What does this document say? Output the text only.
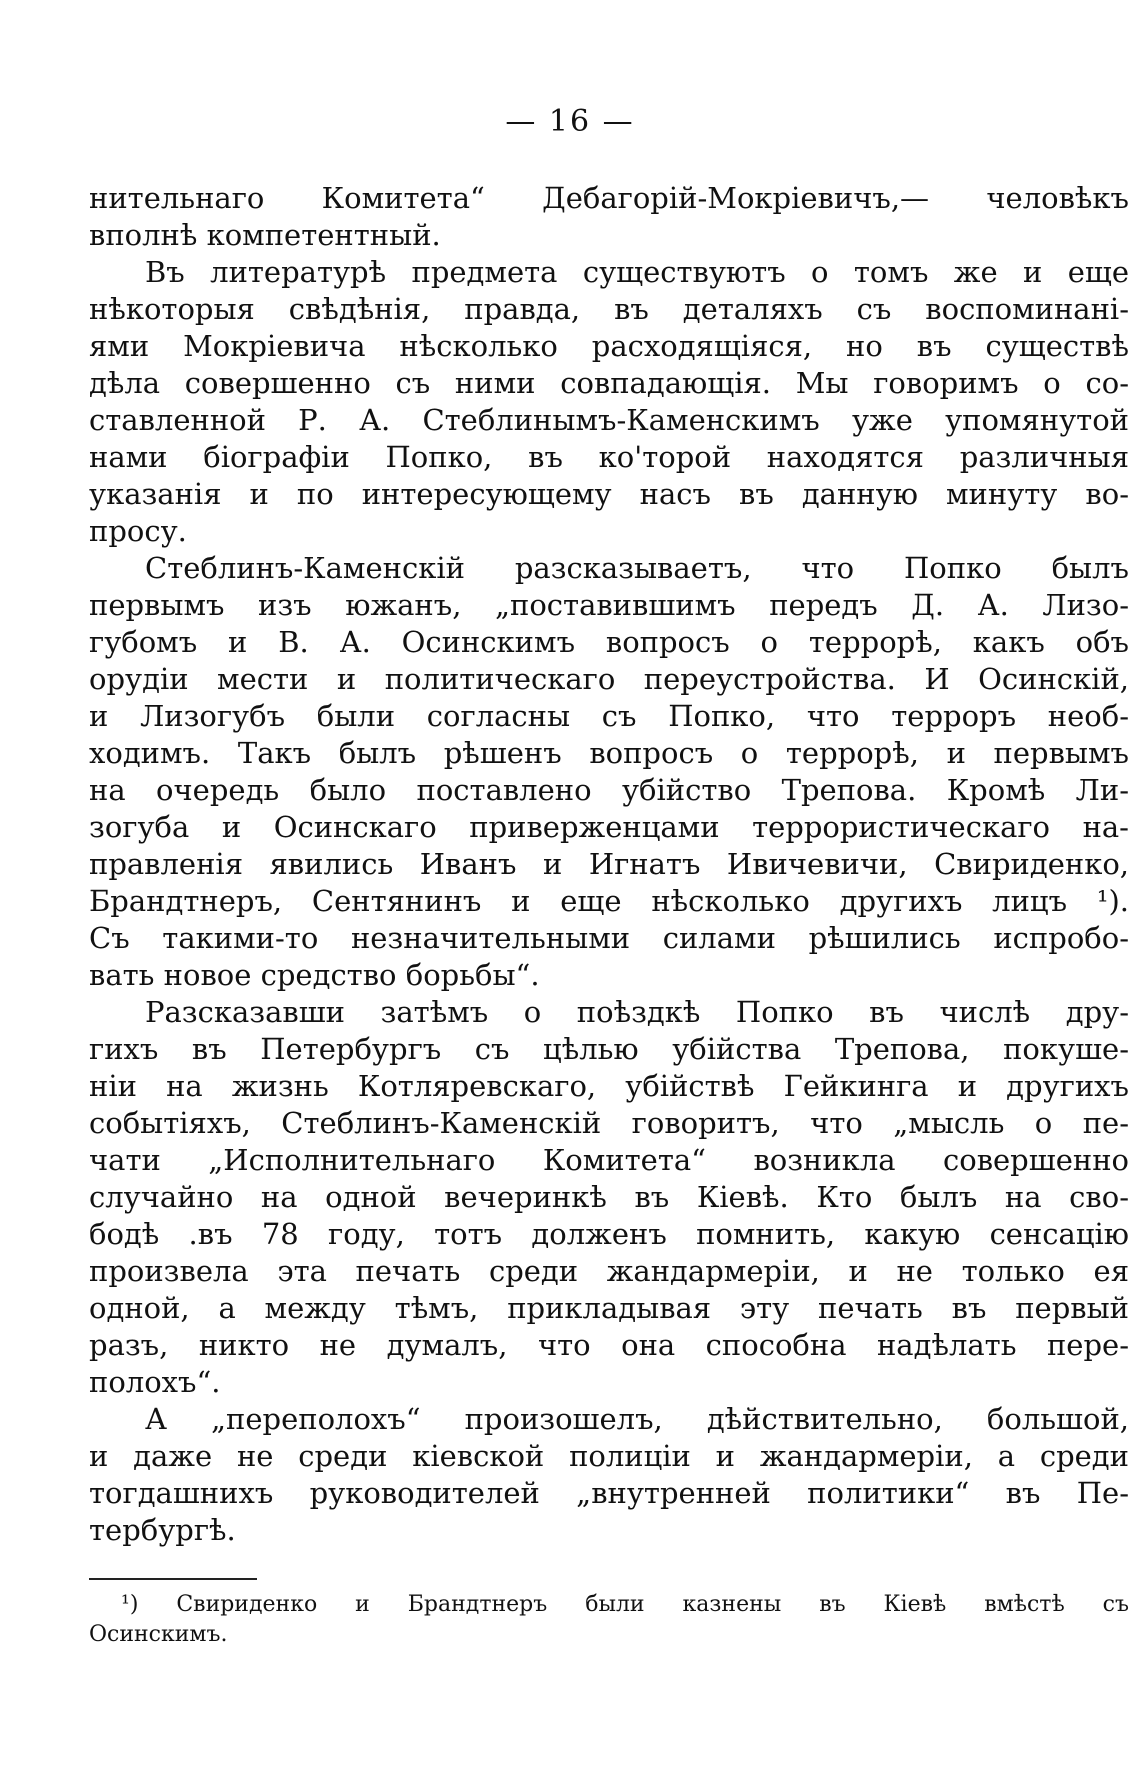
— 16 —
нительнаго Комитета“ Дебагорій-Мокріевичъ,— человѣкъ
вполнѣ компетентный.
Въ литературѣ предмета существуютъ о томъ же и еще
нѣкоторыя свѣдѣнія, правда, въ деталяхъ съ воспоминані-
ями Мокріевича нѣсколько расходящіяся, но въ существѣ
дѣла совершенно съ ними совпадающія. Мы говоримъ о со-
ставленной Р. А. Стеблинымъ-Каменскимъ уже упомянутой
нами біографіи Попко, въ ко'торой находятся различныя
указанія и по интересующему насъ въ данную минуту во-
просу.
Стеблинъ-Каменскій разсказываетъ, что Попко былъ
первымъ изъ южанъ, „поставившимъ передъ Д. А. Лизо-
губомъ и В. А. Осинскимъ вопросъ о террорѣ, какъ объ
орудіи мести и политическаго переустройства. И Осинскій,
и Лизогубъ были согласны съ Попко, что терроръ необ-
ходимъ. Такъ былъ рѣшенъ вопросъ о террорѣ, и первымъ
на очередь было поставлено убійство Трепова. Кромѣ Ли-
зогуба и Осинскаго приверженцами террористическаго на-
правленія явились Иванъ и Игнатъ Ивичевичи, Свириденко,
Брандтнеръ, Сентянинъ и еще нѣсколько другихъ лицъ ¹).
Съ такими-то незначительными силами рѣшились испробо-
вать новое средство борьбы“.
Разсказавши затѣмъ о поѣздкѣ Попко въ числѣ дру-
гихъ въ Петербургъ съ цѣлью убійства Трепова, покуше-
ніи на жизнь Котляревскаго, убійствѣ Гейкинга и другихъ
событіяхъ, Стеблинъ-Каменскій говоритъ, что „мысль о пе-
чати „Исполнительнаго Комитета“ возникла совершенно
случайно на одной вечеринкѣ въ Кіевѣ. Кто былъ на сво-
бодѣ .въ 78 году, тотъ долженъ помнить, какую сенсацію
произвела эта печать среди жандармеріи, и не только ея
одной, а между тѣмъ, прикладывая эту печать въ первый
разъ, никто не думалъ, что она способна надѣлать пере-
полохъ“.
А „переполохъ“ произошелъ, дѣйствительно, большой,
и даже не среди кіевской полиціи и жандармеріи, а среди
тогдашнихъ руководителей „внутренней политики“ въ Пе-
тербургѣ.
¹) Свириденко и Брандтнеръ были казнены въ Кіевѣ вмѣстѣ съ
Осинскимъ.
